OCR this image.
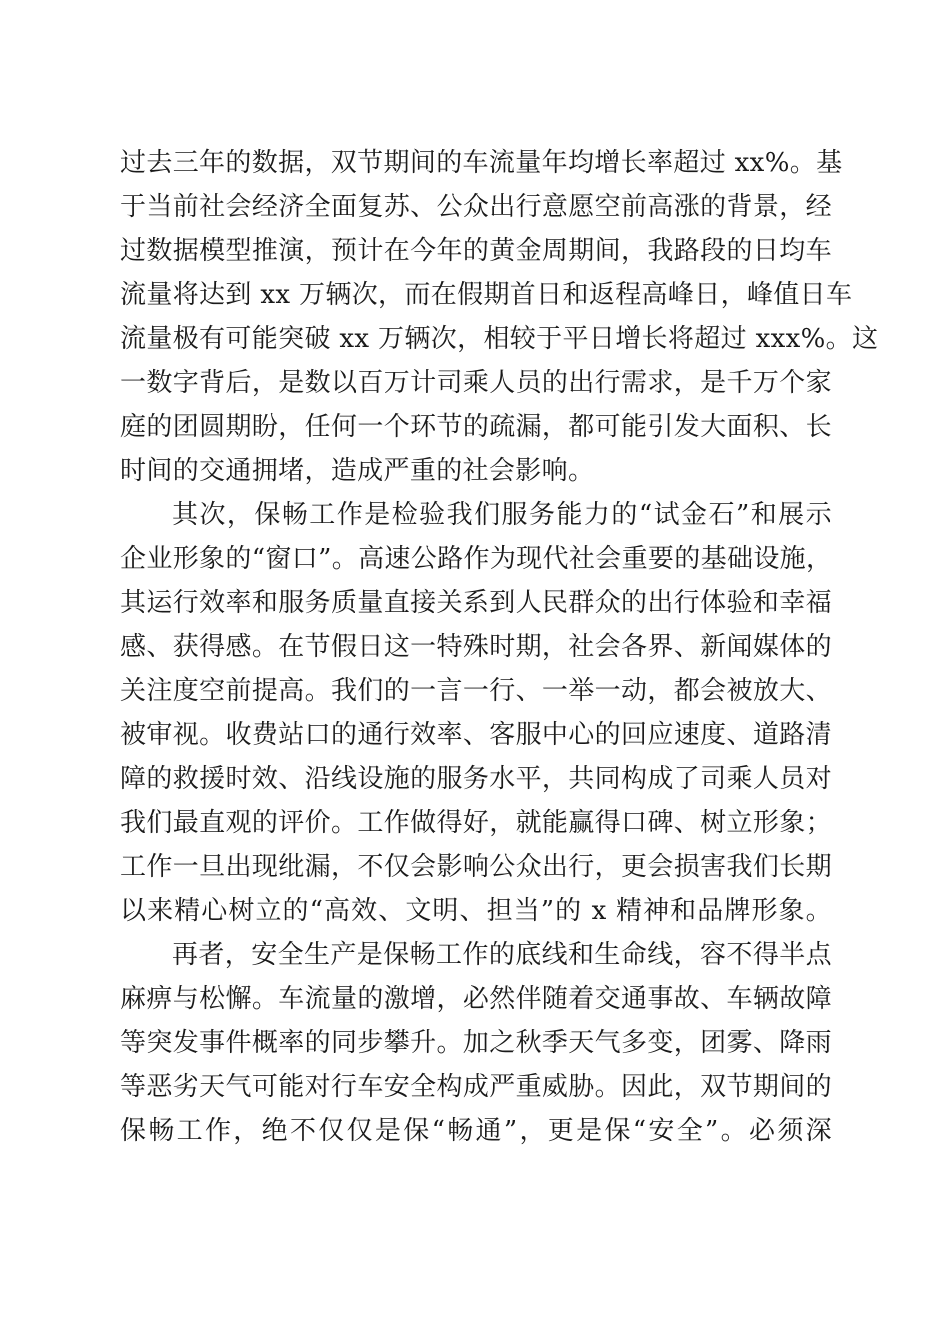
过去三年的数据，双节期间的车流量年均增长率超过 xx%。基
于当前社会经济全面复苏、公众出行意愿空前高涨的背景，经
过数据模型推演，预计在今年的黄金周期间，我路段的日均车
流量将达到 xx 万辆次，而在假期首日和返程高峰日，峰值日车
流量极有可能突破 xx 万辆次，相较于平日增长将超过 xxx%。这
一数字背后，是数以百万计司乘人员的出行需求，是千万个家
庭的团圆期盼，任何一个环节的疏漏，都可能引发大面积、长
时间的交通拥堵，造成严重的社会影响。
其次，保畅工作是检验我们服务能力的“试金石”和展示
企业形象的“窗口”。高速公路作为现代社会重要的基础设施，
其运行效率和服务质量直接关系到人民群众的出行体验和幸福
感、获得感。在节假日这一特殊时期，社会各界、新闻媒体的
关注度空前提高。我们的一言一行、一举一动，都会被放大、
被审视。收费站口的通行效率、客服中心的回应速度、道路清
障的救援时效、沿线设施的服务水平，共同构成了司乘人员对
我们最直观的评价。工作做得好，就能赢得口碑、树立形象；
工作一旦出现纰漏，不仅会影响公众出行，更会损害我们长期
以来精心树立的“高效、文明、担当”的 x 精神和品牌形象。
再者，安全生产是保畅工作的底线和生命线，容不得半点
麻痹与松懈。车流量的激增，必然伴随着交通事故、车辆故障
等突发事件概率的同步攀升。加之秋季天气多变，团雾、降雨
等恶劣天气可能对行车安全构成严重威胁。因此，双节期间的
保畅工作，绝不仅仅是保“畅通”，更是保“安全”。必须深
